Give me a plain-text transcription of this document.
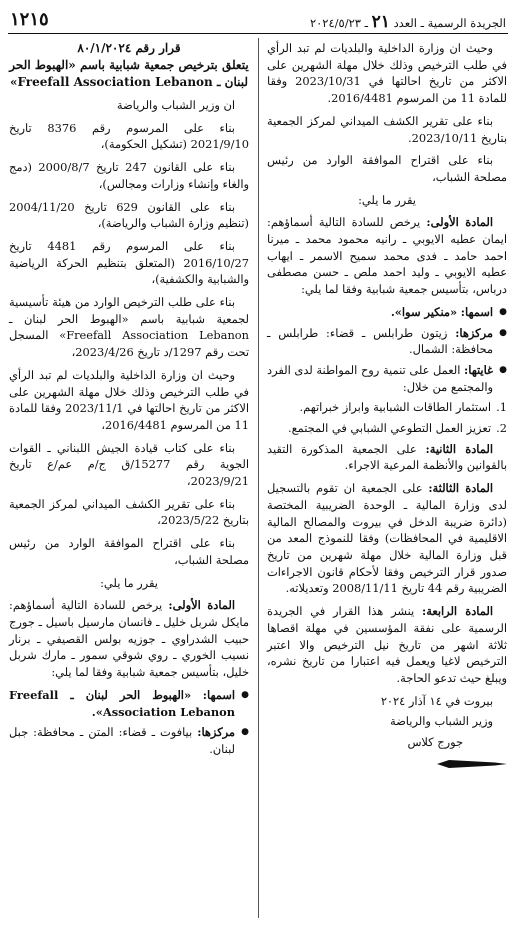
الجريدة الرسمية ـ العدد ٢١ ـ ٢٠٢٤/٥/٢٣
١٢١٥

وحيث ان وزارة الداخلية والبلديات لم تبد الرأي في طلب الترخيص وذلك خلال مهلة الشهرين على الاكثر من تاريخ احالتها في 2023/10/31 وفقا للمادة 11 من المرسوم 2016/4481.

بناء على تقرير الكشف الميداني لمركز الجمعية بتاريخ 2023/10/11.

بناء على اقتراح الموافقة الوارد من رئيس مصلحة الشباب،

يقرر ما يلي:

المادة الأولى: يرخص للسادة التالية أسماؤهم: ايمان عطيه الايوبي ـ رانيه محمود محمد ـ ميرنا احمد حامد ـ فدى محمد سميح الاسمر ـ ايهاب عطيه الايوبي ـ وليد احمد ملص ـ حسن مصطفى درباس، بتأسيس جمعية شبابية وفقا لما يلي:

● اسمها: «منكير سوا».
● مركزها: زيتون طرابلس ـ قضاء: طرابلس ـ محافظة: الشمال.
● غايتها: العمل على تنمية روح المواطنة لدى الفرد والمجتمع من خلال:
1.
استثمار الطاقات الشبابية وابراز خبراتهم.
2.
تعزيز العمل التطوعي الشبابي في المجتمع.

المادة الثانية: على الجمعية المذكورة التقيد بالقوانين والأنظمة المرعية الاجراء.

المادة الثالثة: على الجمعية ان تقوم بالتسجيل لدى وزارة المالية ـ الوحدة الضريبية المختصة (دائرة ضريبة الدخل في بيروت والمصالح المالية الاقليمية في المحافظات) وفقا للنموذج المعد من قبل وزارة المالية خلال مهلة شهرين من تاريخ صدور قرار الترخيص وفقا لأحكام قانون الاجراءات الضريبية رقم 44 تاريخ 2008/11/11 وتعديلاته.

المادة الرابعة: ينشر هذا القرار في الجريدة الرسمية على نفقة المؤسسين في مهلة اقصاها ثلاثة اشهر من تاريخ نيل الترخيص والا اعتبر الترخيص لاغيا ويعمل فيه اعتبارا من تاريخ نشره، ويبلغ حيث تدعو الحاجة.

بيروت في ١٤ آذار ٢٠٢٤

وزير الشباب والرياضة

جورج كلاس

قرار رقم ٨٠/١/٢٠٢٤
يتعلق بترخيص جمعية شبابية باسم «الهبوط الحر لبنان ـ Freefall Association Lebanon»

ان وزير الشباب والرياضة

بناء على المرسوم رقم 8376 تاريخ 2021/9/10 (تشكيل الحكومة)،

بناء على القانون 247 تاريخ 2000/8/7 (دمج والغاء وإنشاء وزارات ومجالس)،

بناء على القانون 629 تاريخ 2004/11/20 (تنظيم وزارة الشباب والرياضة)،

بناء على المرسوم رقم 4481 تاريخ 2016/10/27 (المتعلق بتنظيم الحركة الرياضية والشبابية والكشفية)،

بناء على طلب الترخيص الوارد من هيئة تأسيسية لجمعية شبابية باسم «الهبوط الحر لبنان ـ Freefall Association Lebanon» المسجل تحت رقم 1297/د تاريخ 2023/4/26،

وحيث ان وزارة الداخلية والبلديات لم تبد الرأي في طلب الترخيص وذلك خلال مهلة الشهرين على الاكثر من تاريخ احالتها في 2023/11/1 وفقا للمادة 11 من المرسوم 2016/4481،

بناء على كتاب قيادة الجيش اللبناني ـ القوات الجوية رقم 15277/ق ج/م عم/ع تاريخ 2023/9/21،

بناء على تقرير الكشف الميداني لمركز الجمعية بتاريخ 2023/5/22،

بناء على اقتراح الموافقة الوارد من رئيس مصلحة الشباب،

يقرر ما يلي:

المادة الأولى: يرخص للسادة التالية أسماؤهم: مايكل شربل خليل ـ فانسان مارسيل باسيل ـ جورج حبيب الشدراوي ـ جوزيه بولس القصيفي ـ برنار نسيب الخوري ـ روي شوقي سمور ـ مارك شربل خليل، بتأسيس جمعية شبابية وفقا لما يلي:

● اسمها: «الهبوط الحر لبنان ـ Freefall Association Lebanon».
● مركزها: بيافوت ـ قضاء: المتن ـ محافظة: جبل لبنان.
